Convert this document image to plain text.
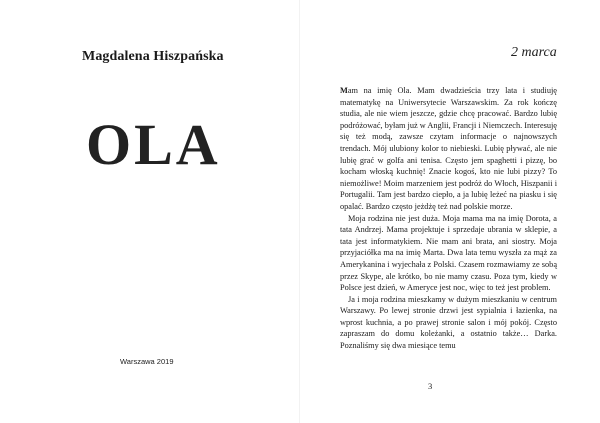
Magdalena Hiszpańska
OLA
Warszawa 2019
2 marca

Mam na imię Ola. Mam dwadzieścia trzy lata i studiuję matematykę na Uniwersytecie Warszawskim. Za rok kończę studia, ale nie wiem jeszcze, gdzie chcę pracować. Bardzo lubię podróżować, byłam już w Anglii, Francji i Niemczech. Interesuję się też modą, zawsze czytam informacje o najnowszych trendach. Mój ulubiony kolor to niebieski. Lubię pływać, ale nie lubię grać w golfa ani tenisa. Często jem spaghetti i pizzę, bo kocham włoską kuchnię! Znacie kogoś, kto nie lubi pizzy? To niemożliwe! Moim marzeniem jest podróż do Włoch, Hiszpanii i Portugalii. Tam jest bardzo ciepło, a ja lubię leżeć na piasku i się opalać. Bardzo często jeżdżę też nad polskie morze.

Moja rodzina nie jest duża. Moja mama ma na imię Dorota, a tata Andrzej. Mama projektuje i sprzedaje ubrania w sklepie, a tata jest informatykiem. Nie mam ani brata, ani siostry. Moja przyjaciółka ma na imię Marta. Dwa lata temu wyszła za mąż za Amerykanina i wyjechała z Polski. Czasem rozmawiamy ze sobą przez Skype, ale krótko, bo nie mamy czasu. Poza tym, kiedy w Polsce jest dzień, w Ameryce jest noc, więc to też jest problem.

Ja i moja rodzina mieszkamy w dużym mieszkaniu w centrum Warszawy. Po lewej stronie drzwi jest sypialnia i łazienka, na wprost kuchnia, a po prawej stronie salon i mój pokój. Często zapraszam do domu koleżanki, a ostatnio także… Darka. Poznaliśmy się dwa miesiące temu

3
